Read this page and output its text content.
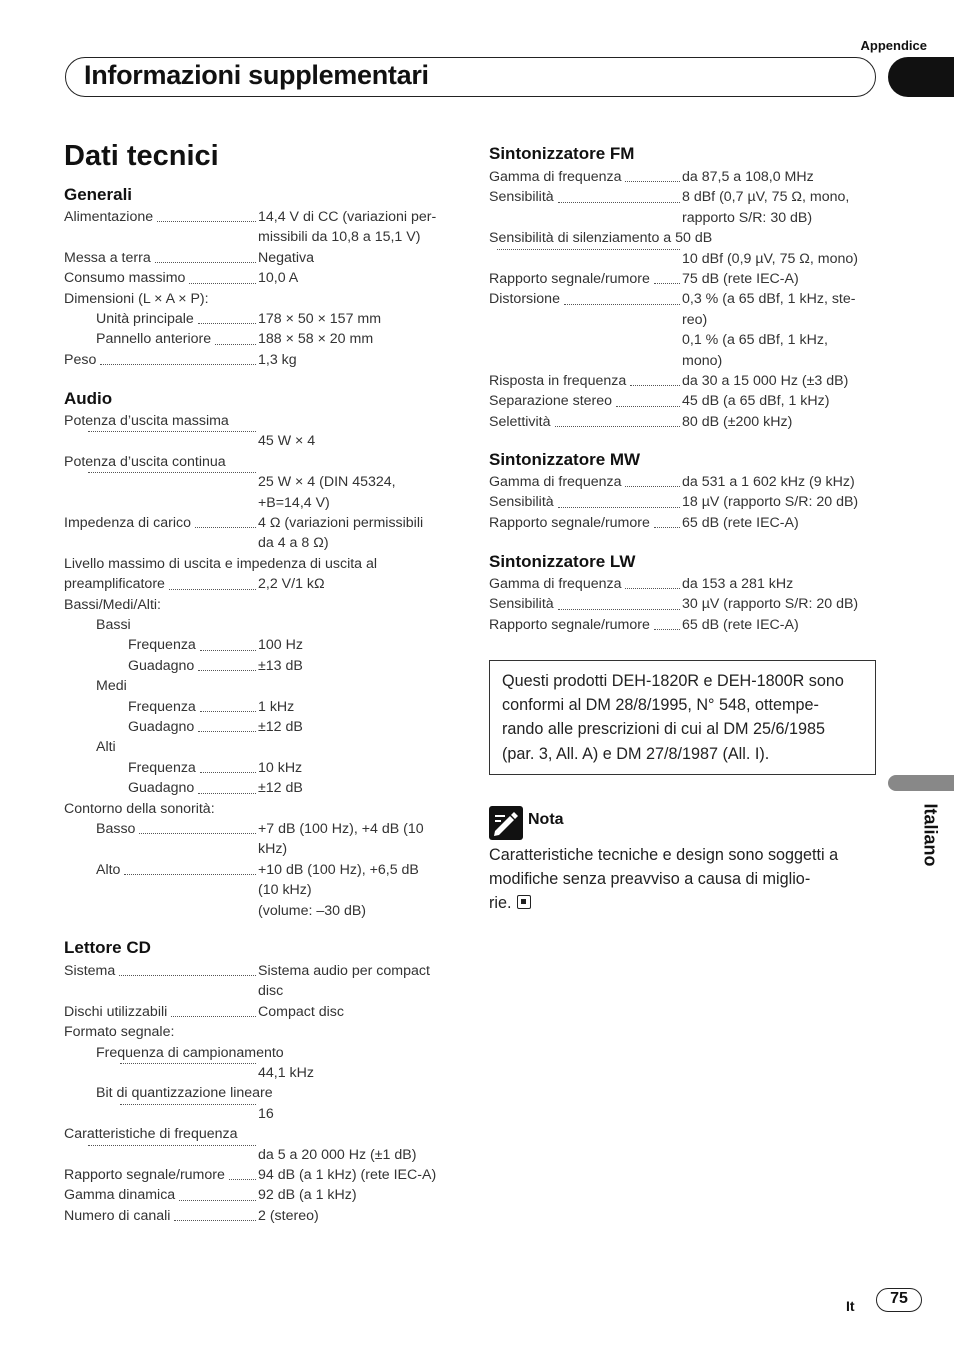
Appendice
Informazioni supplementari
Dati tecnici
Generali
Alimentazione	14,4 V di CC (variazioni per-
missibili da 10,8 a 15,1 V)
Messa a terra	Negativa
Consumo massimo	10,0 A
Dimensioni (L × A × P):
Unità principale	178 × 50 × 157 mm
Pannello anteriore	188 × 58 × 20 mm
Peso	1,3 kg
Audio
Potenza d’uscita massima
45 W × 4
Potenza d’uscita continua
25 W × 4 (DIN 45324,
+B=14,4 V)
Impedenza di carico	4 Ω (variazioni permissibili
da 4 a 8 Ω)
Livello massimo di uscita e impedenza di uscita al
preamplificatore	2,2 V/1 kΩ
Bassi/Medi/Alti:
Bassi
Frequenza	100 Hz
Guadagno	±13 dB
Medi
Frequenza	1 kHz
Guadagno	±12 dB
Alti
Frequenza	10 kHz
Guadagno	±12 dB
Contorno della sonorità:
Basso	+7 dB (100 Hz), +4 dB (10
kHz)
Alto	+10 dB (100 Hz), +6,5 dB
(10 kHz)
(volume: –30 dB)
Lettore CD
Sistema	Sistema audio per compact
disc
Dischi utilizzabili	Compact disc
Formato segnale:
Frequenza di campionamento
44,1 kHz
Bit di quantizzazione lineare
16
Caratteristiche di frequenza
da 5 a 20 000 Hz (±1 dB)
Rapporto segnale/rumore 94 dB (a 1 kHz) (rete IEC-A)
Gamma dinamica	92 dB (a 1 kHz)
Numero di canali	2 (stereo)
Sintonizzatore FM
Gamma di frequenza	da 87,5 a 108,0 MHz
Sensibilità	8 dBf (0,7 µV, 75 Ω, mono,
rapporto S/R: 30 dB)
Sensibilità di silenziamento a 50 dB
10 dBf (0,9 µV, 75 Ω, mono)
Rapporto segnale/rumore 75 dB (rete IEC-A)
Distorsione	0,3 % (a 65 dBf, 1 kHz, ste-
reo)
0,1 % (a 65 dBf, 1 kHz,
mono)
Risposta in frequenza	da 30 a 15 000 Hz (±3 dB)
Separazione stereo	45 dB (a 65 dBf, 1 kHz)
Selettività	80 dB (±200 kHz)
Sintonizzatore MW
Gamma di frequenza	da 531 a 1 602 kHz (9 kHz)
Sensibilità	18 µV (rapporto S/R: 20 dB)
Rapporto segnale/rumore 65 dB (rete IEC-A)
Sintonizzatore LW
Gamma di frequenza	da 153 a 281 kHz
Sensibilità	30 µV (rapporto S/R: 20 dB)
Rapporto segnale/rumore 65 dB (rete IEC-A)
Questi prodotti DEH-1820R e DEH-1800R sono
conformi al DM 28/8/1995, N° 548, ottempe-
rando alle prescrizioni di cui al DM 25/6/1985
(par. 3, All. A) e DM 27/8/1987 (All. I).
Nota
Caratteristiche tecniche e design sono soggetti a
modifiche senza preavviso a causa di miglio-
rie.
Italiano
It	75
